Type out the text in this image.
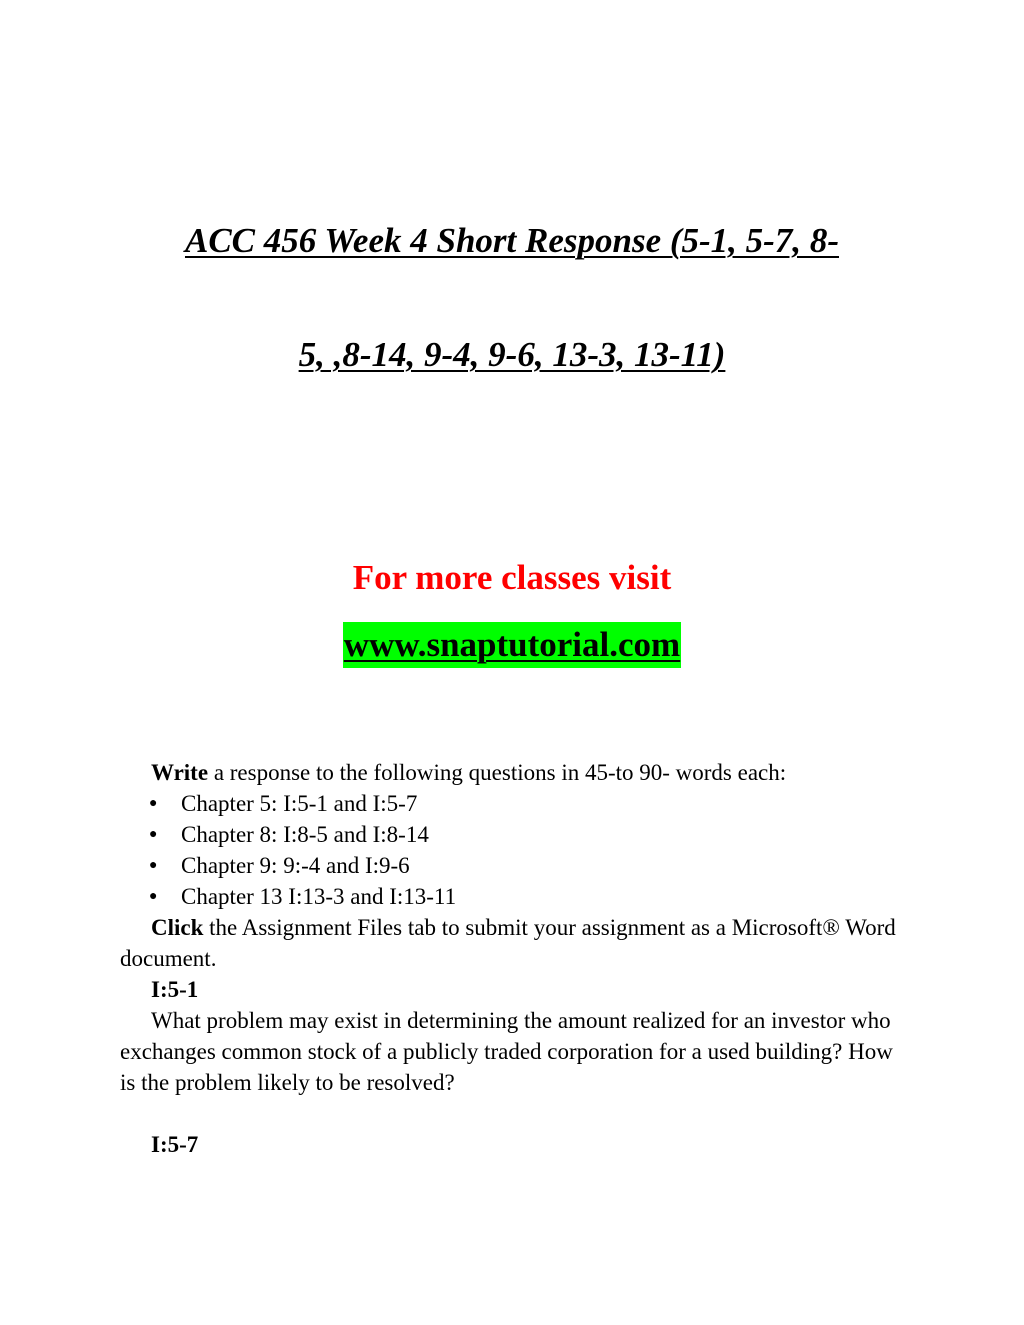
ACC 456 Week 4 Short Response (5-1, 5-7, 8-
5, ,8-14, 9-4, 9-6, 13-3, 13-11)
For more classes visit
www.snaptutorial.com

Write a response to the following questions in 45-to 90- words each:

● Chapter 5: I:5-1 and I:5-7
● Chapter 8: I:8-5 and I:8-14
● Chapter 9: 9:-4 and I:9-6
● Chapter 13 I:13-3 and I:13-11

Click the Assignment Files tab to submit your assignment as a Microsoft® Word document.

I:5-1

What problem may exist in determining the amount realized for an investor who exchanges common stock of a publicly traded corporation for a used building? How is the problem likely to be resolved?

I:5-7
